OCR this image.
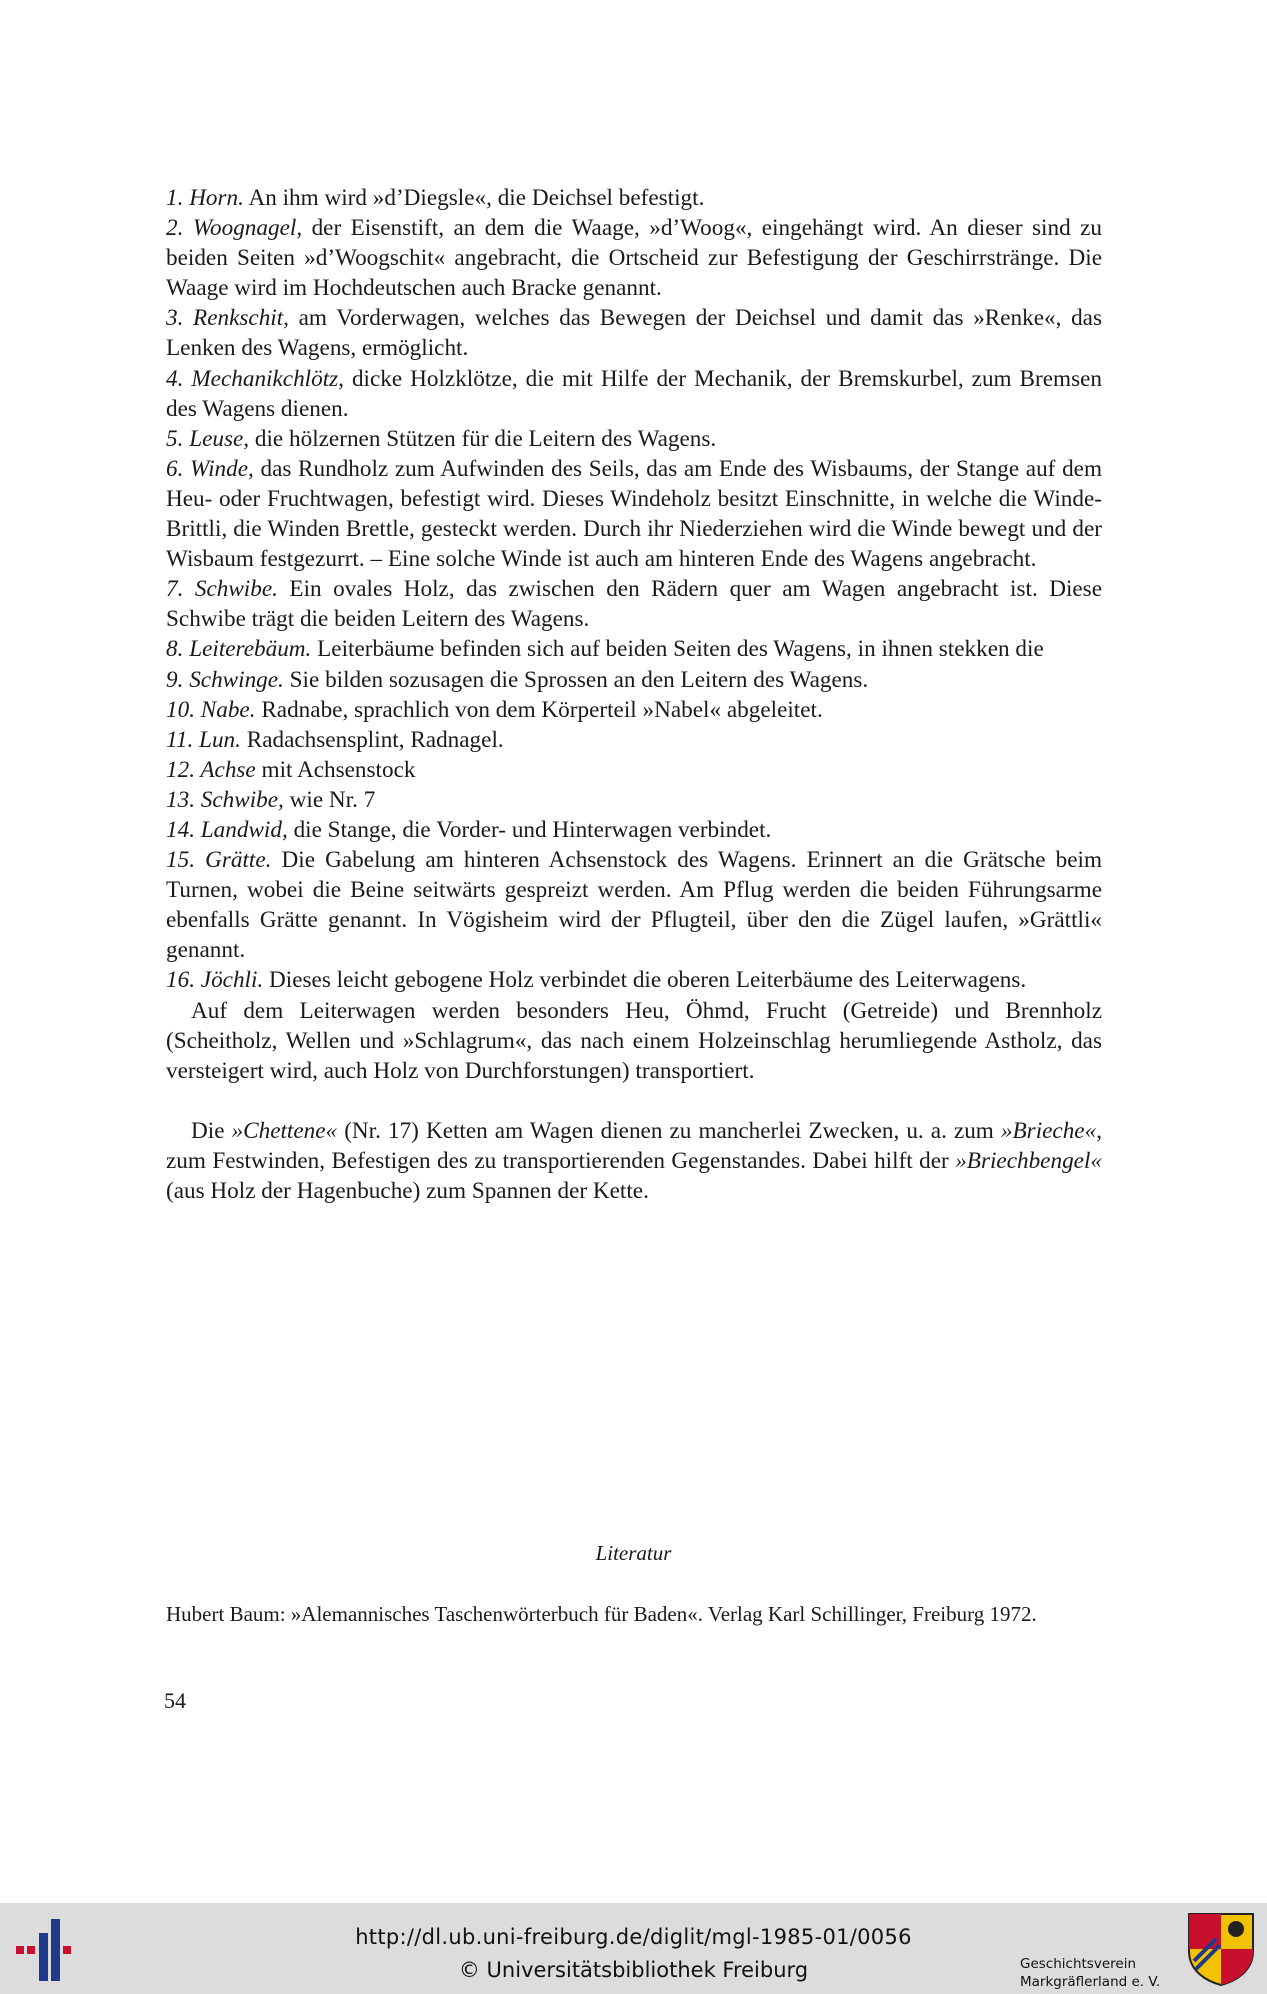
1. Horn. An ihm wird »d’Diegsle«, die Deichsel befestigt.

2. Woognagel, der Eisenstift, an dem die Waage, »d’Woog«, eingehängt wird. An dieser sind zu beiden Seiten »d’Woogschit« angebracht, die Ortscheid zur Befestigung der Geschirrstränge. Die Waage wird im Hochdeutschen auch Bracke genannt.

3. Renkschit, am Vorderwagen, welches das Bewegen der Deichsel und damit das »Renke«, das Lenken des Wagens, ermöglicht.

4. Mechanikchlötz, dicke Holzklötze, die mit Hilfe der Mechanik, der Bremskurbel, zum Bremsen des Wagens dienen.

5. Leuse, die hölzernen Stützen für die Leitern des Wagens.

6. Winde, das Rundholz zum Aufwinden des Seils, das am Ende des Wisbaums, der Stange auf dem Heu- oder Fruchtwagen, befestigt wird. Dieses Windeholz besitzt Einschnitte, in welche die Winde-Brittli, die Winden Brettle, gesteckt werden. Durch ihr Niederziehen wird die Winde bewegt und der Wisbaum festgezurrt. – Eine solche Winde ist auch am hinteren Ende des Wagens angebracht.

7. Schwibe. Ein ovales Holz, das zwischen den Rädern quer am Wagen angebracht ist. Diese Schwibe trägt die beiden Leitern des Wagens.

8. Leiterebäum. Leiterbäume befinden sich auf beiden Seiten des Wagens, in ihnen stekken die

9. Schwinge. Sie bilden sozusagen die Sprossen an den Leitern des Wagens.

10. Nabe. Radnabe, sprachlich von dem Körperteil »Nabel« abgeleitet.

11. Lun. Radachsensplint, Radnagel.

12. Achse mit Achsenstock

13. Schwibe, wie Nr. 7

14. Landwid, die Stange, die Vorder- und Hinterwagen verbindet.

15. Grätte. Die Gabelung am hinteren Achsenstock des Wagens. Erinnert an die Grätsche beim Turnen, wobei die Beine seitwärts gespreizt werden. Am Pflug werden die beiden Führungsarme ebenfalls Grätte genannt. In Vögisheim wird der Pflugteil, über den die Zügel laufen, »Grättli« genannt.

16. Jöchli. Dieses leicht gebogene Holz verbindet die oberen Leiterbäume des Leiterwagens.

Auf dem Leiterwagen werden besonders Heu, Öhmd, Frucht (Getreide) und Brennholz (Scheitholz, Wellen und »Schlagrum«, das nach einem Holzeinschlag herumliegende Astholz, das versteigert wird, auch Holz von Durchforstungen) transportiert.

Die »Chettene« (Nr. 17) Ketten am Wagen dienen zu mancherlei Zwecken, u. a. zum »Brieche«, zum Festwinden, Befestigen des zu transportierenden Gegenstandes. Dabei hilft der »Briechbengel« (aus Holz der Hagenbuche) zum Spannen der Kette.

Literatur
Hubert Baum: »Alemannisches Taschenwörterbuch für Baden«. Verlag Karl Schillinger, Freiburg 1972.
54
http://dl.ub.uni-freiburg.de/diglit/mgl-1985-01/0056
© Universitätsbibliothek Freiburg	Geschichtsverein
Markgräflerland e. V.
